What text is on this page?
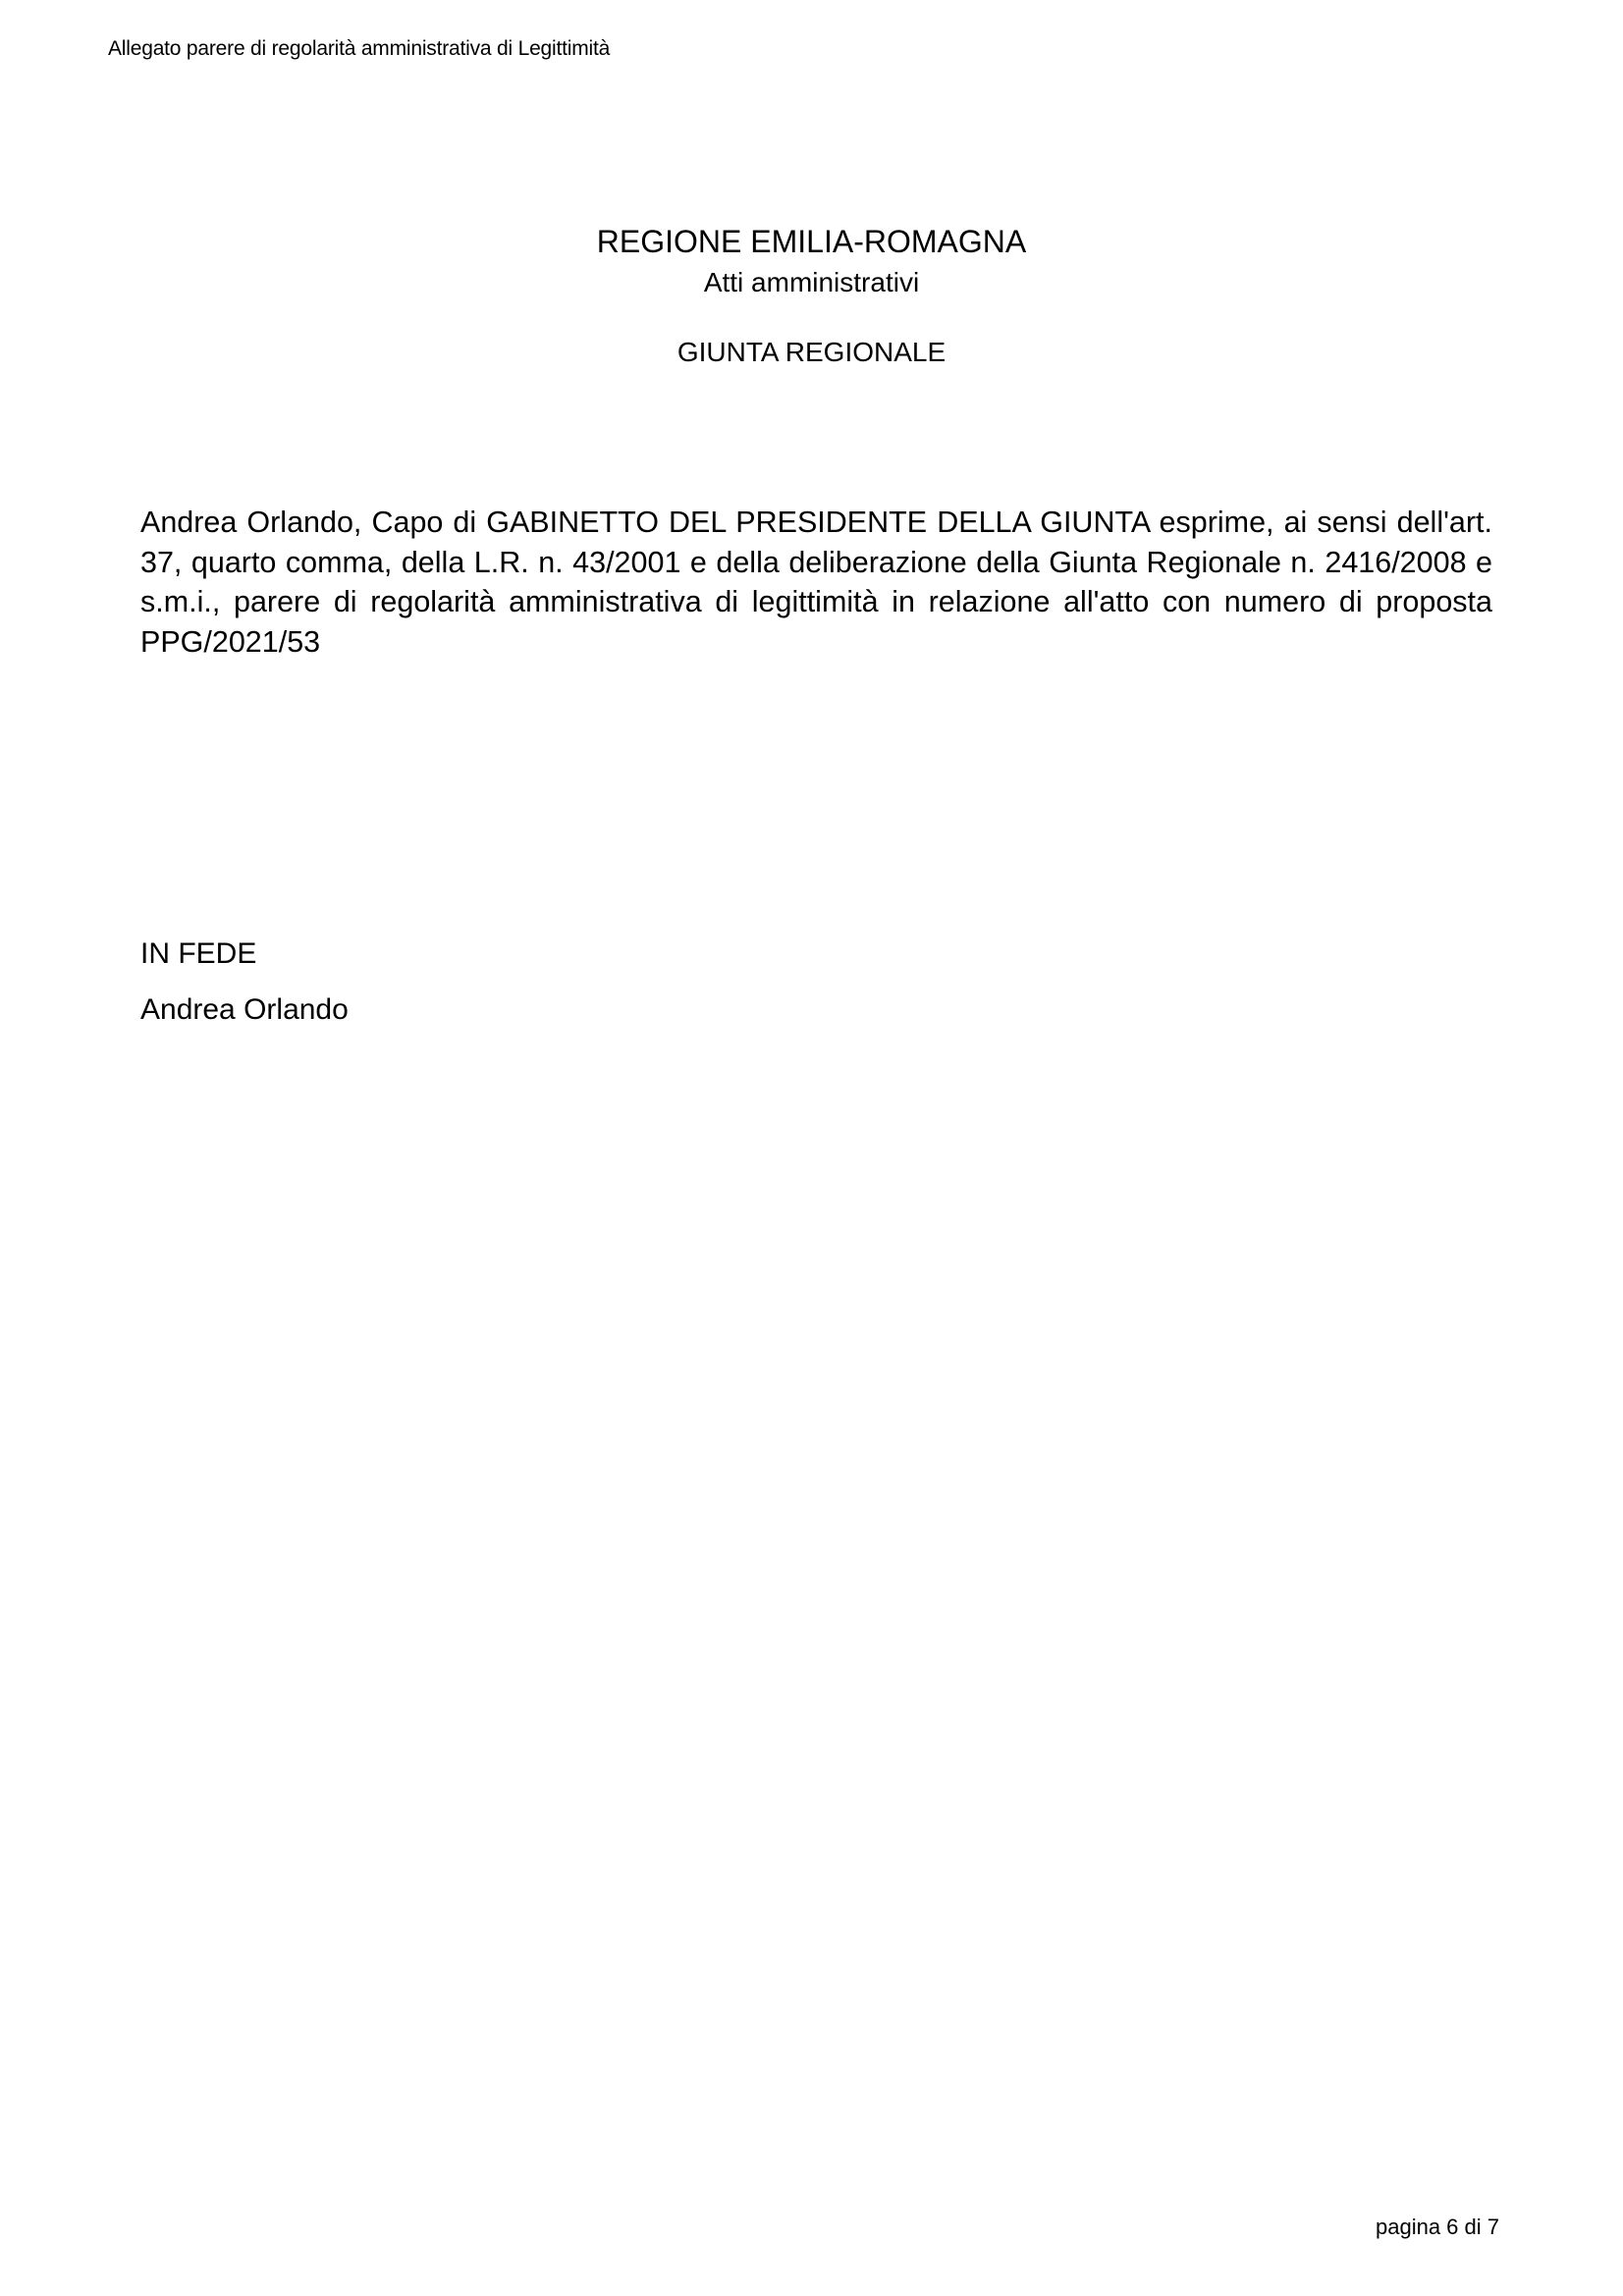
Allegato parere di regolarità amministrativa di Legittimità
REGIONE EMILIA-ROMAGNA
Atti amministrativi
GIUNTA REGIONALE

Andrea Orlando, Capo di GABINETTO DEL PRESIDENTE DELLA GIUNTA esprime, ai sensi dell'art. 37, quarto comma, della L.R. n. 43/2001 e della deliberazione della Giunta Regionale n. 2416/2008 e s.m.i., parere di regolarità amministrativa di legittimità in relazione all'atto con numero di proposta PPG/2021/53

IN FEDE
Andrea Orlando
pagina 6 di 7
